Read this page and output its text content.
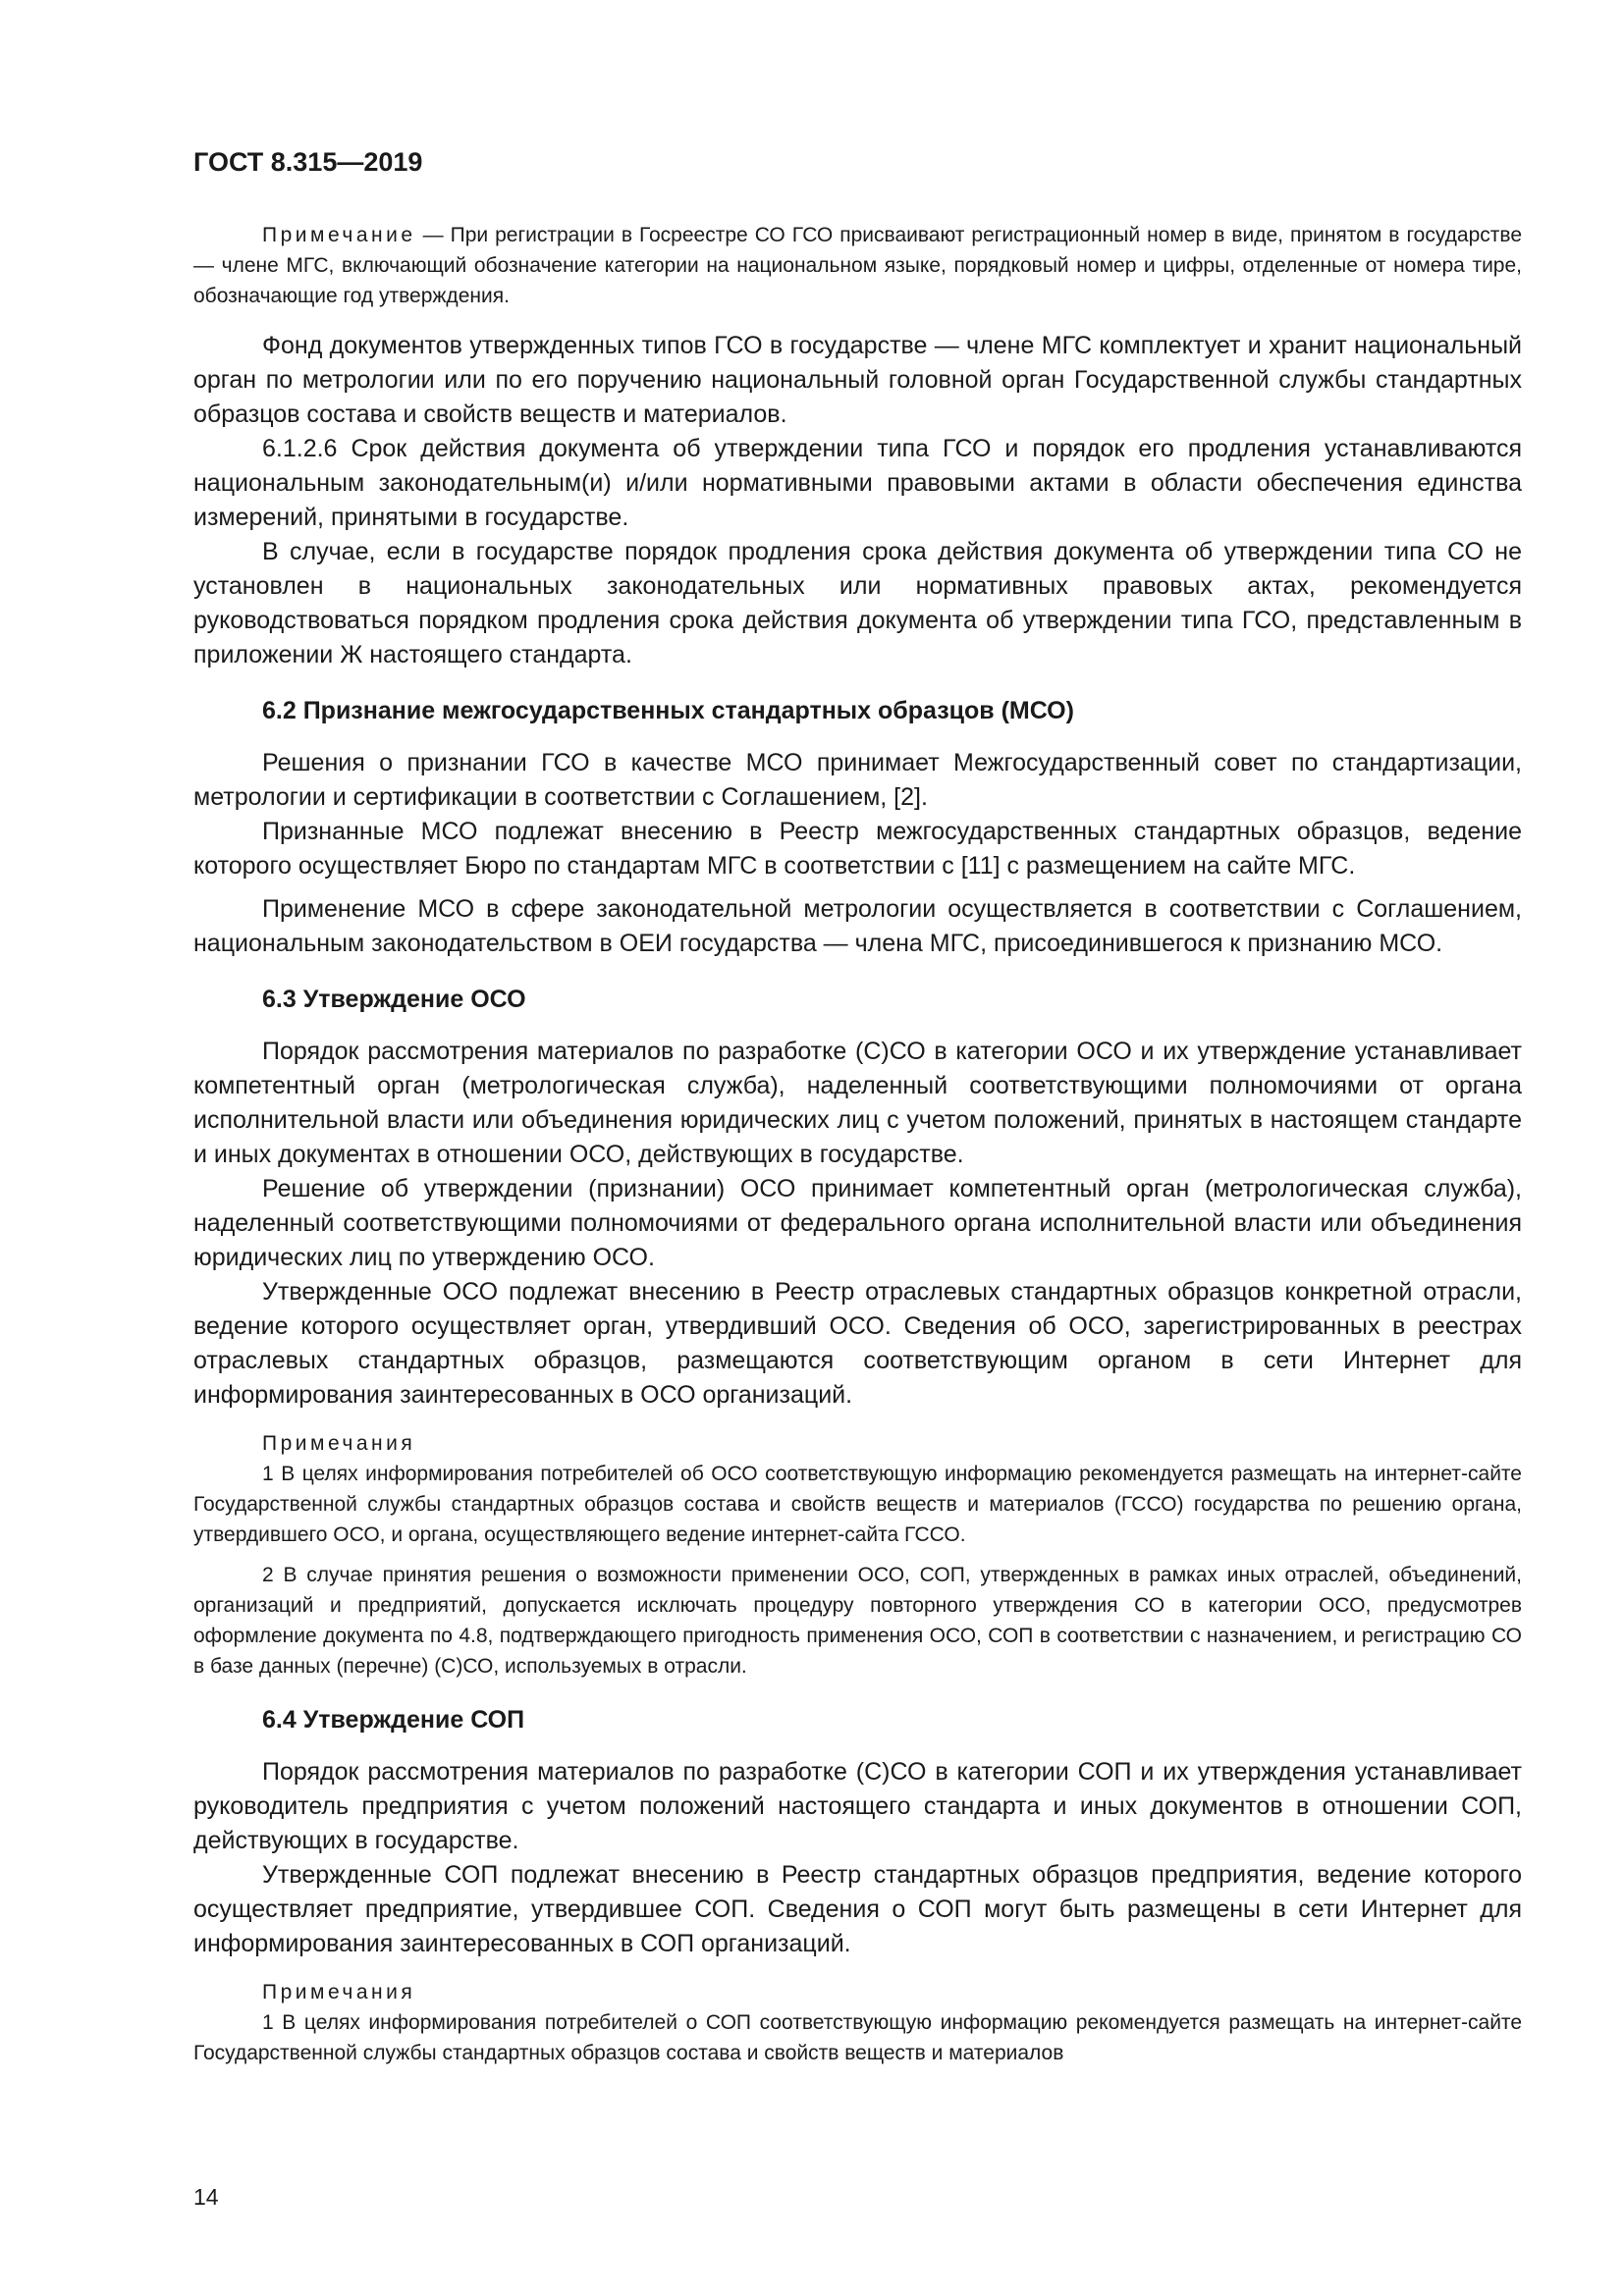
ГОСТ 8.315—2019

Примечание — При регистрации в Госреестре СО ГСО присваивают регистрационный номер в виде, принятом в государстве — члене МГС, включающий обозначение категории на национальном языке, порядковый номер и цифры, отделенные от номера тире, обозначающие год утверждения.

Фонд документов утвержденных типов ГСО в государстве — члене МГС комплектует и хранит национальный орган по метрологии или по его поручению национальный головной орган Государственной службы стандартных образцов состава и свойств веществ и материалов.

6.1.2.6 Срок действия документа об утверждении типа ГСО и порядок его продления устанавливаются национальным законодательным(и) и/или нормативными правовыми актами в области обеспечения единства измерений, принятыми в государстве.

В случае, если в государстве порядок продления срока действия документа об утверждении типа СО не установлен в национальных законодательных или нормативных правовых актах, рекомендуется руководствоваться порядком продления срока действия документа об утверждении типа ГСО, представленным в приложении Ж настоящего стандарта.

6.2 Признание межгосударственных стандартных образцов (МСО)

Решения о признании ГСО в качестве МСО принимает Межгосударственный совет по стандартизации, метрологии и сертификации в соответствии с Соглашением, [2].

Признанные МСО подлежат внесению в Реестр межгосударственных стандартных образцов, ведение которого осуществляет Бюро по стандартам МГС в соответствии с [11] с размещением на сайте МГС.

Применение МСО в сфере законодательной метрологии осуществляется в соответствии с Соглашением, национальным законодательством в ОЕИ государства — члена МГС, присоединившегося к признанию МСО.

6.3 Утверждение ОСО

Порядок рассмотрения материалов по разработке (С)СО в категории ОСО и их утверждение устанавливает компетентный орган (метрологическая служба), наделенный соответствующими полномочиями от органа исполнительной власти или объединения юридических лиц с учетом положений, принятых в настоящем стандарте и иных документах в отношении ОСО, действующих в государстве.

Решение об утверждении (признании) ОСО принимает компетентный орган (метрологическая служба), наделенный соответствующими полномочиями от федерального органа исполнительной власти или объединения юридических лиц по утверждению ОСО.

Утвержденные ОСО подлежат внесению в Реестр отраслевых стандартных образцов конкретной отрасли, ведение которого осуществляет орган, утвердивший ОСО. Сведения об ОСО, зарегистрированных в реестрах отраслевых стандартных образцов, размещаются соответствующим органом в сети Интернет для информирования заинтересованных в ОСО организаций.

Примечания

1 В целях информирования потребителей об ОСО соответствующую информацию рекомендуется размещать на интернет-сайте Государственной службы стандартных образцов состава и свойств веществ и материалов (ГССО) государства по решению органа, утвердившего ОСО, и органа, осуществляющего ведение интернет-сайта ГССО.

2 В случае принятия решения о возможности применении ОСО, СОП, утвержденных в рамках иных отраслей, объединений, организаций и предприятий, допускается исключать процедуру повторного утверждения СО в категории ОСО, предусмотрев оформление документа по 4.8, подтверждающего пригодность применения ОСО, СОП в соответствии с назначением, и регистрацию СО в базе данных (перечне) (С)СО, используемых в отрасли.

6.4 Утверждение СОП

Порядок рассмотрения материалов по разработке (С)СО в категории СОП и их утверждения устанавливает руководитель предприятия с учетом положений настоящего стандарта и иных документов в отношении СОП, действующих в государстве.

Утвержденные СОП подлежат внесению в Реестр стандартных образцов предприятия, ведение которого осуществляет предприятие, утвердившее СОП. Сведения о СОП могут быть размещены в сети Интернет для информирования заинтересованных в СОП организаций.

Примечания

1 В целях информирования потребителей о СОП соответствующую информацию рекомендуется размещать на интернет-сайте Государственной службы стандартных образцов состава и свойств веществ и материалов

14
